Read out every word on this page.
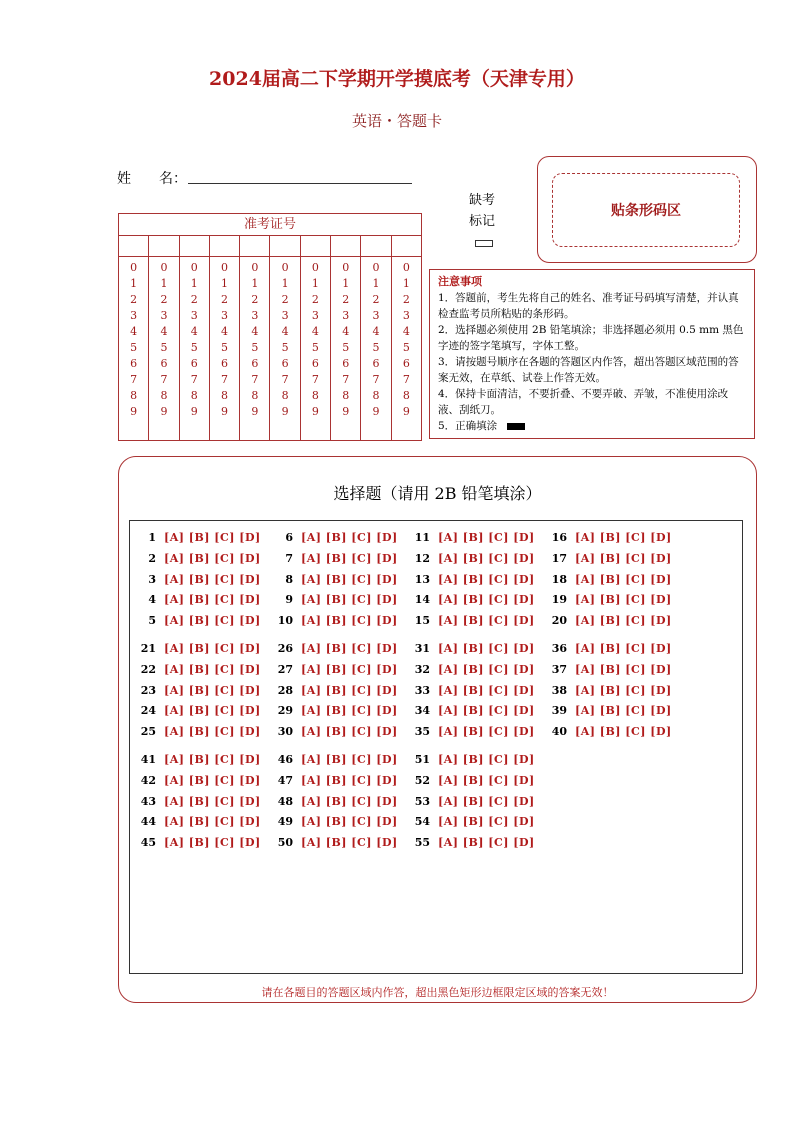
2024届高二下学期开学摸底考（天津专用）
英语・答题卡
姓　　名：
缺考
标记
贴条形码区
准考证号
0
1
2
3
4
5
6
7
8
9
0
1
2
3
4
5
6
7
8
9
0
1
2
3
4
5
6
7
8
9
0
1
2
3
4
5
6
7
8
9
0
1
2
3
4
5
6
7
8
9
0
1
2
3
4
5
6
7
8
9
0
1
2
3
4
5
6
7
8
9
0
1
2
3
4
5
6
7
8
9
0
1
2
3
4
5
6
7
8
9
0
1
2
3
4
5
6
7
8
9
注意事项
1．答题前，考生先将自己的姓名、准考证号码填写清楚，并认真检查监考员所粘贴的条形码。
2．选择题必须使用 2B 铅笔填涂；非选择题必须用 0.5 mm 黑色字迹的签字笔填写，字体工整。
3．请按题号顺序在各题的答题区内作答，超出答题区域范围的答案无效，在草纸、试卷上作答无效。
4．保持卡面清洁，不要折叠、不要弄破、弄皱，不准使用涂改液、刮纸刀。
5．正确填涂
选择题（请用 2B 铅笔填涂）
1 [A] [B] [C] [D]
2 [A] [B] [C] [D]
3 [A] [B] [C] [D]
4 [A] [B] [C] [D]
5 [A] [B] [C] [D]
6 [A] [B] [C] [D]
7 [A] [B] [C] [D]
8 [A] [B] [C] [D]
9 [A] [B] [C] [D]
10 [A] [B] [C] [D]
11 [A] [B] [C] [D]
12 [A] [B] [C] [D]
13 [A] [B] [C] [D]
14 [A] [B] [C] [D]
15 [A] [B] [C] [D]
16 [A] [B] [C] [D]
17 [A] [B] [C] [D]
18 [A] [B] [C] [D]
19 [A] [B] [C] [D]
20 [A] [B] [C] [D]
21 [A] [B] [C] [D]
22 [A] [B] [C] [D]
23 [A] [B] [C] [D]
24 [A] [B] [C] [D]
25 [A] [B] [C] [D]
26 [A] [B] [C] [D]
27 [A] [B] [C] [D]
28 [A] [B] [C] [D]
29 [A] [B] [C] [D]
30 [A] [B] [C] [D]
31 [A] [B] [C] [D]
32 [A] [B] [C] [D]
33 [A] [B] [C] [D]
34 [A] [B] [C] [D]
35 [A] [B] [C] [D]
36 [A] [B] [C] [D]
37 [A] [B] [C] [D]
38 [A] [B] [C] [D]
39 [A] [B] [C] [D]
40 [A] [B] [C] [D]
41 [A] [B] [C] [D]
42 [A] [B] [C] [D]
43 [A] [B] [C] [D]
44 [A] [B] [C] [D]
45 [A] [B] [C] [D]
46 [A] [B] [C] [D]
47 [A] [B] [C] [D]
48 [A] [B] [C] [D]
49 [A] [B] [C] [D]
50 [A] [B] [C] [D]
51 [A] [B] [C] [D]
52 [A] [B] [C] [D]
53 [A] [B] [C] [D]
54 [A] [B] [C] [D]
55 [A] [B] [C] [D]
请在各题目的答题区域内作答，超出黑色矩形边框限定区域的答案无效！
